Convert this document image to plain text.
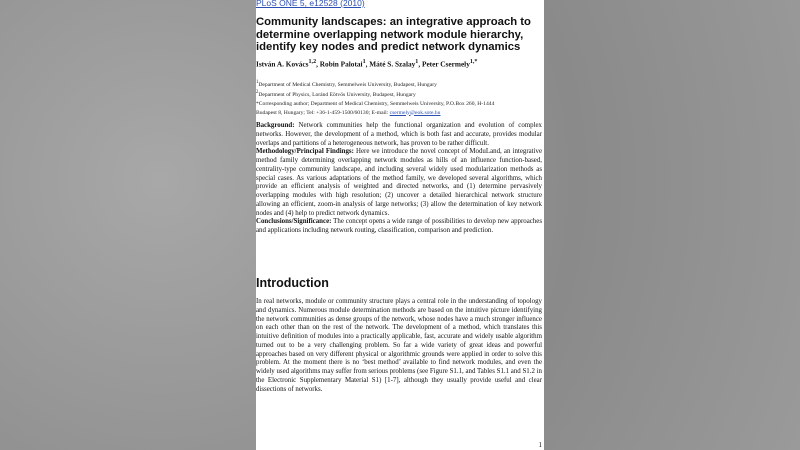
PLoS ONE 5, e12528 (2010)
Community landscapes: an integrative approach to determine overlapping network module hierarchy, identify key nodes and predict network dynamics
István A. Kovács$^{1,2}$, Robin Palotai$^1$, Máté S. Szalay$^1$, Peter Csermely$^{1,*}$
$^1$Department of Medical Chemistry, Semmelweis University, Budapest, Hungary
$^2$Department of Physics, Loránd Eötvös University, Budapest, Hungary
*Corresponding author; Department of Medical Chemistry, Semmelweis University, P.O.Box 260, H-1444
Budapest 8, Hungary; Tel: +36-1-459-1500/60130; E-mail: csermely@eok.sote.hu

Background: Network communities help the functional organization and evolution of complex networks. However, the development of a method, which is both fast and accurate, provides modular overlaps and partitions of a heterogeneous network, has proven to be rather difficult.

Methodology/Principal Findings: Here we introduce the novel concept of ModuLand, an integrative method family determining overlapping network modules as hills of an influence function-based, centrality-type community landscape, and including several widely used modularization methods as special cases. As various adaptations of the method family, we developed several algorithms, which provide an efficient analysis of weighted and directed networks, and (1) determine pervasively overlapping modules with high resolution; (2) uncover a detailed hierarchical network structure allowing an efficient, zoom-in analysis of large networks; (3) allow the determination of key network nodes and (4) help to predict network dynamics.

Conclusions/Significance: The concept opens a wide range of possibilities to develop new approaches and applications including network routing, classification, comparison and prediction.

Introduction

In real networks, module or community structure plays a central role in the understanding of topology and dynamics. Numerous module determination methods are based on the intuitive picture identifying the network communities as dense groups of the network, whose nodes have a much stronger influence on each other than on the rest of the network. The development of a method, which translates this intuitive definition of modules into a practically applicable, fast, accurate and widely usable algorithm turned out to be a very challenging problem. So far a wide variety of great ideas and powerful approaches based on very different physical or algorithmic grounds were applied in order to solve this problem. At the moment there is no ‘best method’ available to find network modules, and even the widely used algorithms may suffer from serious problems (see Figure S1.1, and Tables S1.1 and S1.2 in the Electronic Supplementary Material S1) [1-7], although they usually provide useful and clear dissections of networks.

1
